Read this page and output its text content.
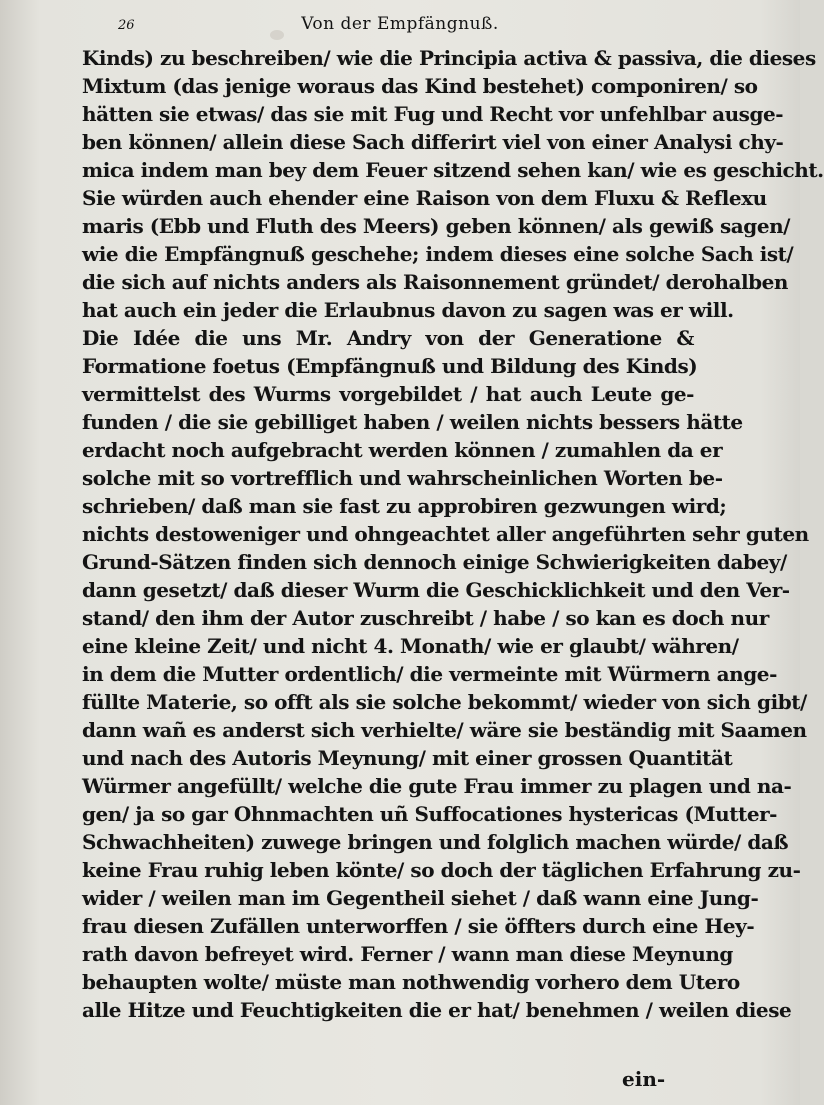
26	Von der Empfängnuß.
Kinds) zu beschreiben/ wie die Principia activa & passiva, die dieses
Mixtum (das jenige woraus das Kind bestehet) componiren/ so
hätten sie etwas/ das sie mit Fug und Recht vor unfehlbar ausge-
ben können/ allein diese Sach differirt viel von einer Analysi chy-
mica indem man bey dem Feuer sitzend sehen kan/ wie es geschicht.
Sie würden auch ehender eine Raison von dem Fluxu & Reflexu
maris (Ebb und Fluth des Meers) geben können/ als gewiß sagen/
wie die Empfängnuß geschehe; indem dieses eine solche Sach ist/
die sich auf nichts anders als Raisonnement gründet/ derohalben
hat auch ein jeder die Erlaubnus davon zu sagen was er will.
Die Idée die uns Mr. Andry von der Generatione &
Formatione foetus (Empfängnuß und Bildung des Kinds)
vermittelst des Wurms vorgebildet / hat auch Leute ge-
funden / die sie gebilliget haben / weilen nichts bessers hätte
erdacht noch aufgebracht werden können / zumahlen da er
solche mit so vortrefflich und wahrscheinlichen Worten be-
schrieben/ daß man sie fast zu approbiren gezwungen wird;
nichts destoweniger und ohngeachtet aller angeführten sehr guten
Grund-Sätzen finden sich dennoch einige Schwierigkeiten dabey/
dann gesetzt/ daß dieser Wurm die Geschicklichkeit und den Ver-
stand/ den ihm der Autor zuschreibt / habe / so kan es doch nur
eine kleine Zeit/ und nicht 4. Monath/ wie er glaubt/ währen/
in dem die Mutter ordentlich/ die vermeinte mit Würmern ange-
füllte Materie, so offt als sie solche bekommt/ wieder von sich gibt/
dann wañ es anderst sich verhielte/ wäre sie beständig mit Saamen
und nach des Autoris Meynung/ mit einer grossen Quantität
Würmer angefüllt/ welche die gute Frau immer zu plagen und na-
gen/ ja so gar Ohnmachten uñ Suffocationes hystericas (Mutter-
Schwachheiten) zuwege bringen und folglich machen würde/ daß
keine Frau ruhig leben könte/ so doch der täglichen Erfahrung zu-
wider / weilen man im Gegentheil siehet / daß wann eine Jung-
frau diesen Zufällen unterworffen / sie öffters durch eine Hey-
rath davon befreyet wird. Ferner / wann man diese Meynung
behaupten wolte/ müste man nothwendig vorhero dem Utero
alle Hitze und Feuchtigkeiten die er hat/ benehmen / weilen diese
ein-
